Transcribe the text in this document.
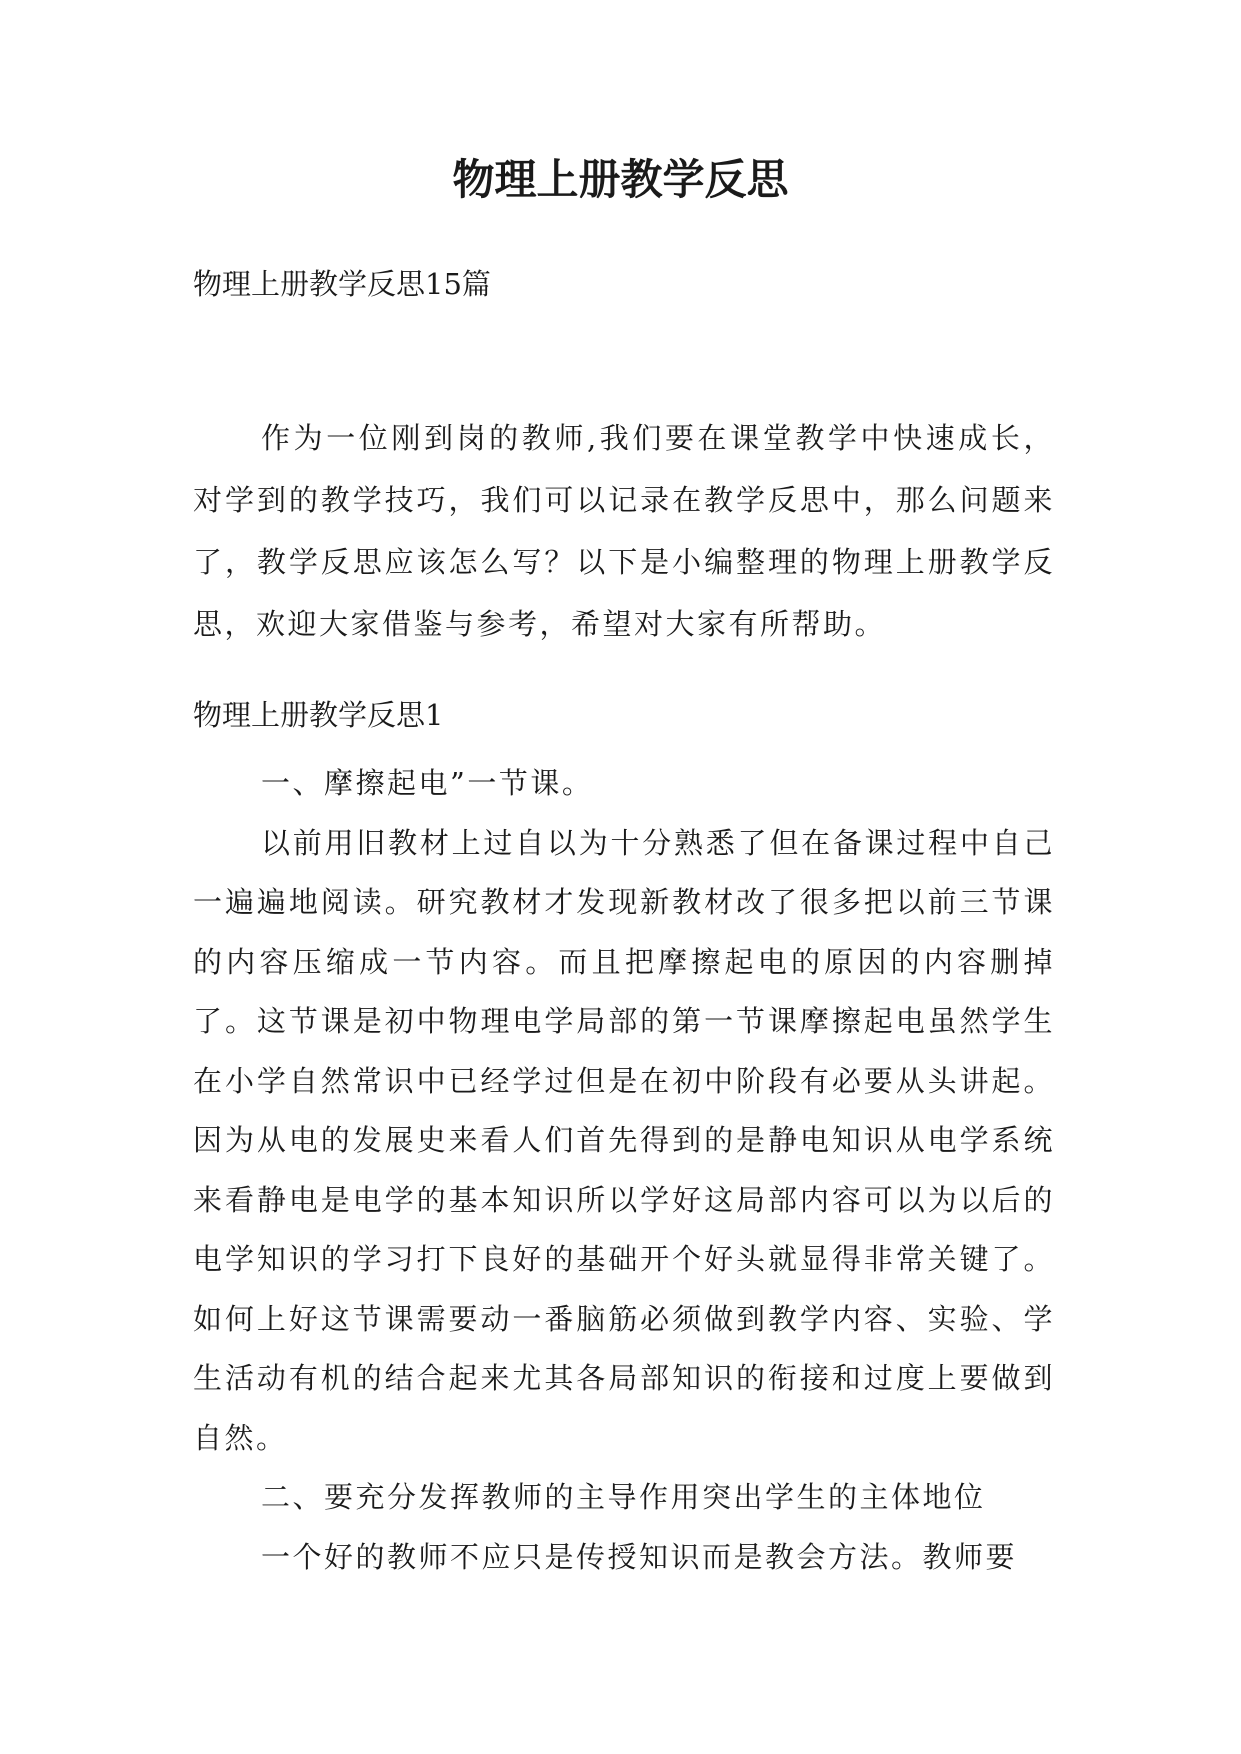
物理上册教学反思
物理上册教学反思15篇

作为一位刚到岗的教师,我们要在课堂教学中快速成长，对学到的教学技巧，我们可以记录在教学反思中，那么问题来了，教学反思应该怎么写？以下是小编整理的物理上册教学反思，欢迎大家借鉴与参考，希望对大家有所帮助。

物理上册教学反思1

一、摩擦起电”一节课。

以前用旧教材上过自以为十分熟悉了但在备课过程中自己一遍遍地阅读。研究教材才发现新教材改了很多把以前三节课的内容压缩成一节内容。而且把摩擦起电的原因的内容删掉了。这节课是初中物理电学局部的第一节课摩擦起电虽然学生在小学自然常识中已经学过但是在初中阶段有必要从头讲起。因为从电的发展史来看人们首先得到的是静电知识从电学系统来看静电是电学的基本知识所以学好这局部内容可以为以后的电学知识的学习打下良好的基础开个好头就显得非常关键了。如何上好这节课需要动一番脑筋必须做到教学内容、实验、学生活动有机的结合起来尤其各局部知识的衔接和过度上要做到自然。

二、要充分发挥教师的主导作用突出学生的主体地位

一个好的教师不应只是传授知识而是教会方法。教师要
